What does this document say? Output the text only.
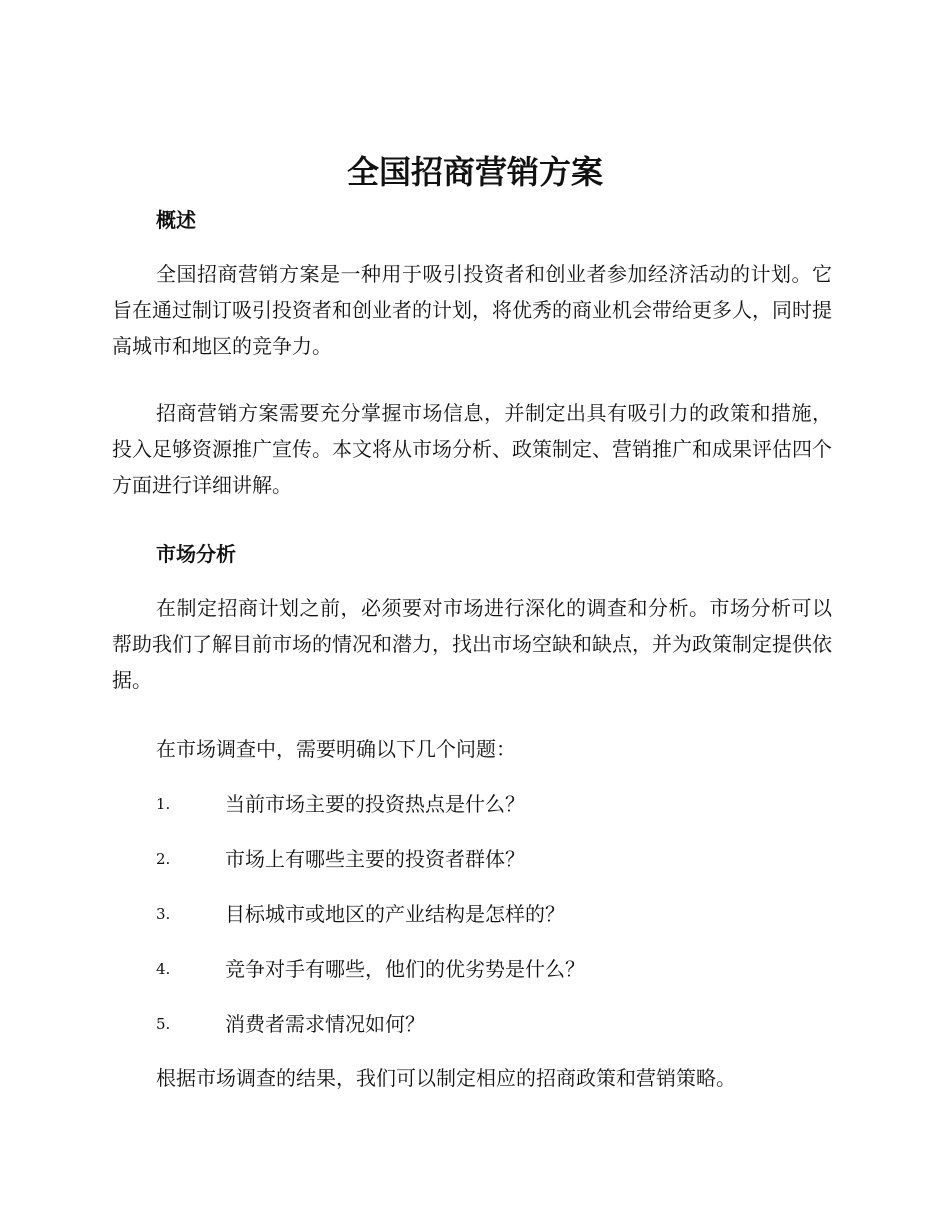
全国招商营销方案
概述

全国招商营销方案是一种用于吸引投资者和创业者参加经济活动的计划。它旨在通过制订吸引投资者和创业者的计划，将优秀的商业机会带给更多人，同时提高城市和地区的竞争力。

招商营销方案需要充分掌握市场信息，并制定出具有吸引力的政策和措施，投入足够资源推广宣传。本文将从市场分析、政策制定、营销推广和成果评估四个方面进行详细讲解。

市场分析

在制定招商计划之前，必须要对市场进行深化的调查和分析。市场分析可以帮助我们了解目前市场的情况和潜力，找出市场空缺和缺点，并为政策制定提供依据。

在市场调查中，需要明确以下几个问题：

1.	当前市场主要的投资热点是什么？
2.	市场上有哪些主要的投资者群体？
3.	目标城市或地区的产业结构是怎样的？
4.	竞争对手有哪些，他们的优劣势是什么？
5.	消费者需求情况如何？

根据市场调查的结果，我们可以制定相应的招商政策和营销策略。
